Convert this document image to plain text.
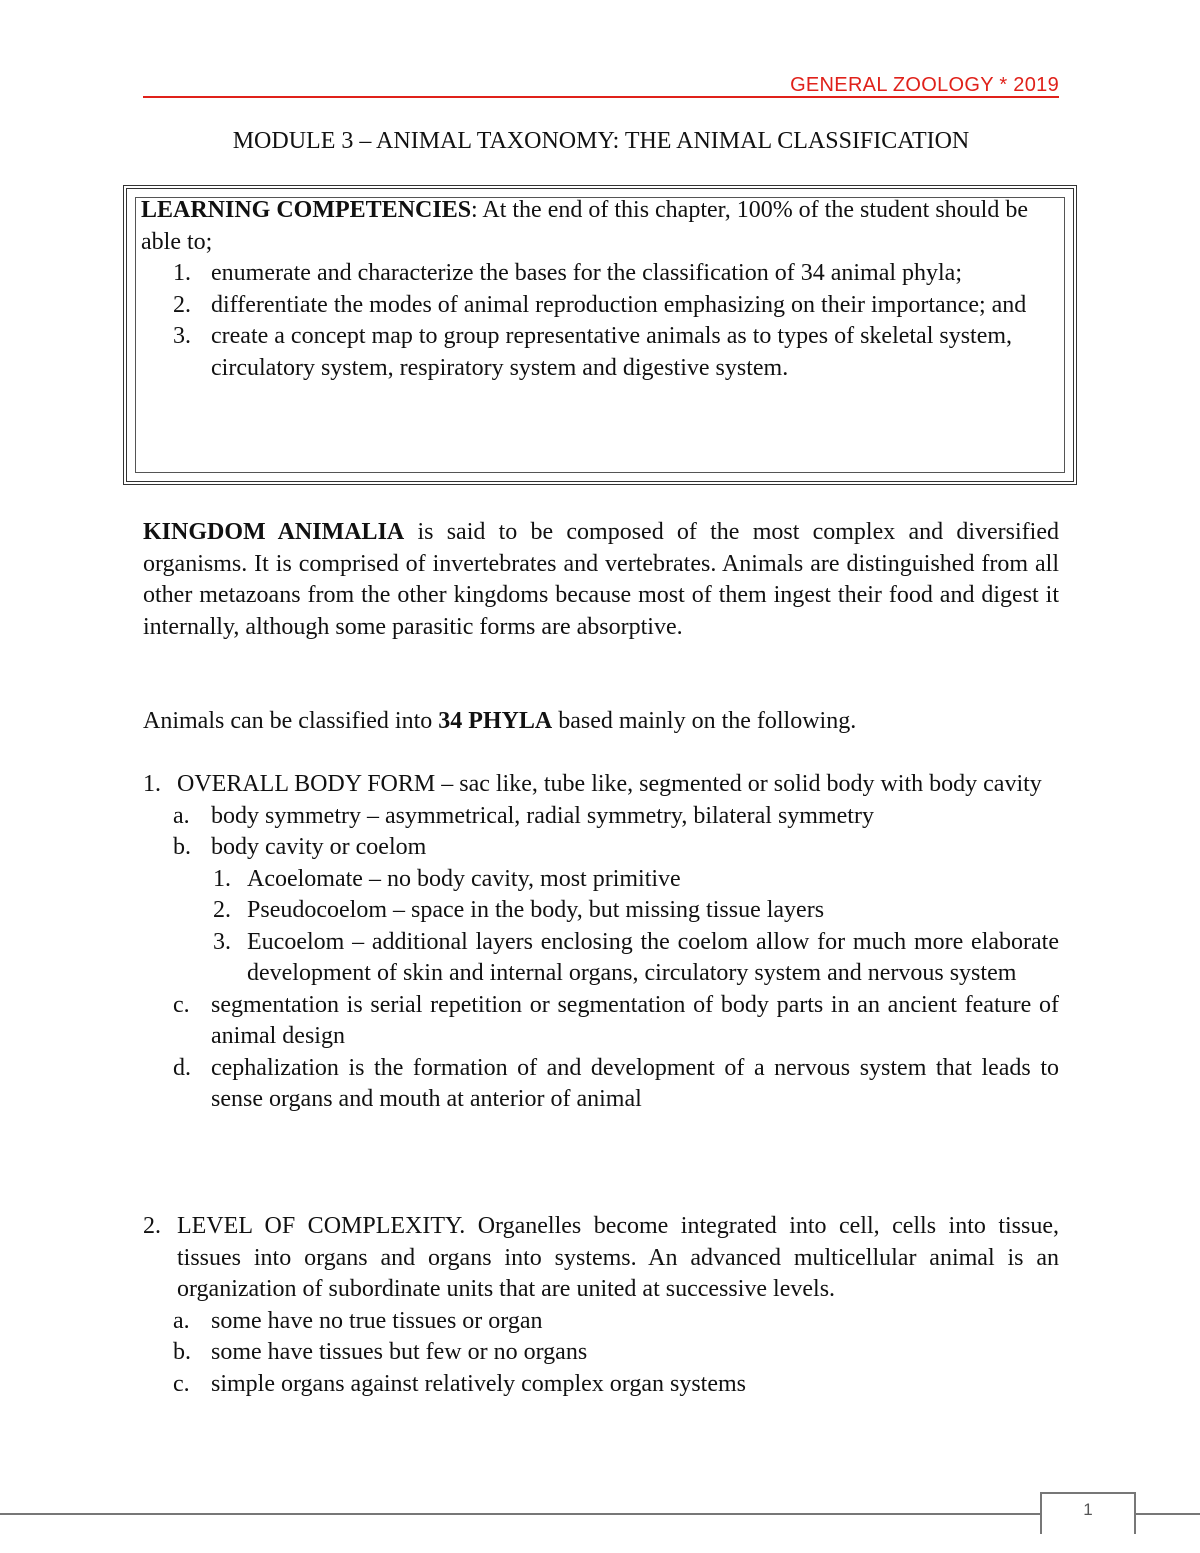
GENERAL ZOOLOGY * 2019
MODULE 3 – ANIMAL TAXONOMY: THE ANIMAL CLASSIFICATION
LEARNING COMPETENCIES: At the end of this chapter, 100% of the student should be able to;
1. enumerate and characterize the bases for the classification of 34 animal phyla;
2. differentiate the modes of animal reproduction emphasizing on their importance; and
3. create a concept map to group representative animals as to types of skeletal system, circulatory system, respiratory system and digestive system.
KINGDOM ANIMALIA is said to be composed of the most complex and diversified organisms. It is comprised of invertebrates and vertebrates. Animals are distinguished from all other metazoans from the other kingdoms because most of them ingest their food and digest it internally, although some parasitic forms are absorptive.
Animals can be classified into 34 PHYLA based mainly on the following.
1. OVERALL BODY FORM – sac like, tube like, segmented or solid body with body cavity
a. body symmetry – asymmetrical, radial symmetry, bilateral symmetry
b. body cavity or coelom
1. Acoelomate – no body cavity, most primitive
2. Pseudocoelom – space in the body, but missing tissue layers
3. Eucoelom – additional layers enclosing the coelom allow for much more elaborate development of skin and internal organs, circulatory system and nervous system
c. segmentation is serial repetition or segmentation of body parts in an ancient feature of animal design
d. cephalization is the formation of and development of a nervous system that leads to sense organs and mouth at anterior of animal
2. LEVEL OF COMPLEXITY. Organelles become integrated into cell, cells into tissue, tissues into organs and organs into systems. An advanced multicellular animal is an organization of subordinate units that are united at successive levels.
a. some have no true tissues or organ
b. some have tissues but few or no organs
c. simple organs against relatively complex organ systems
1
